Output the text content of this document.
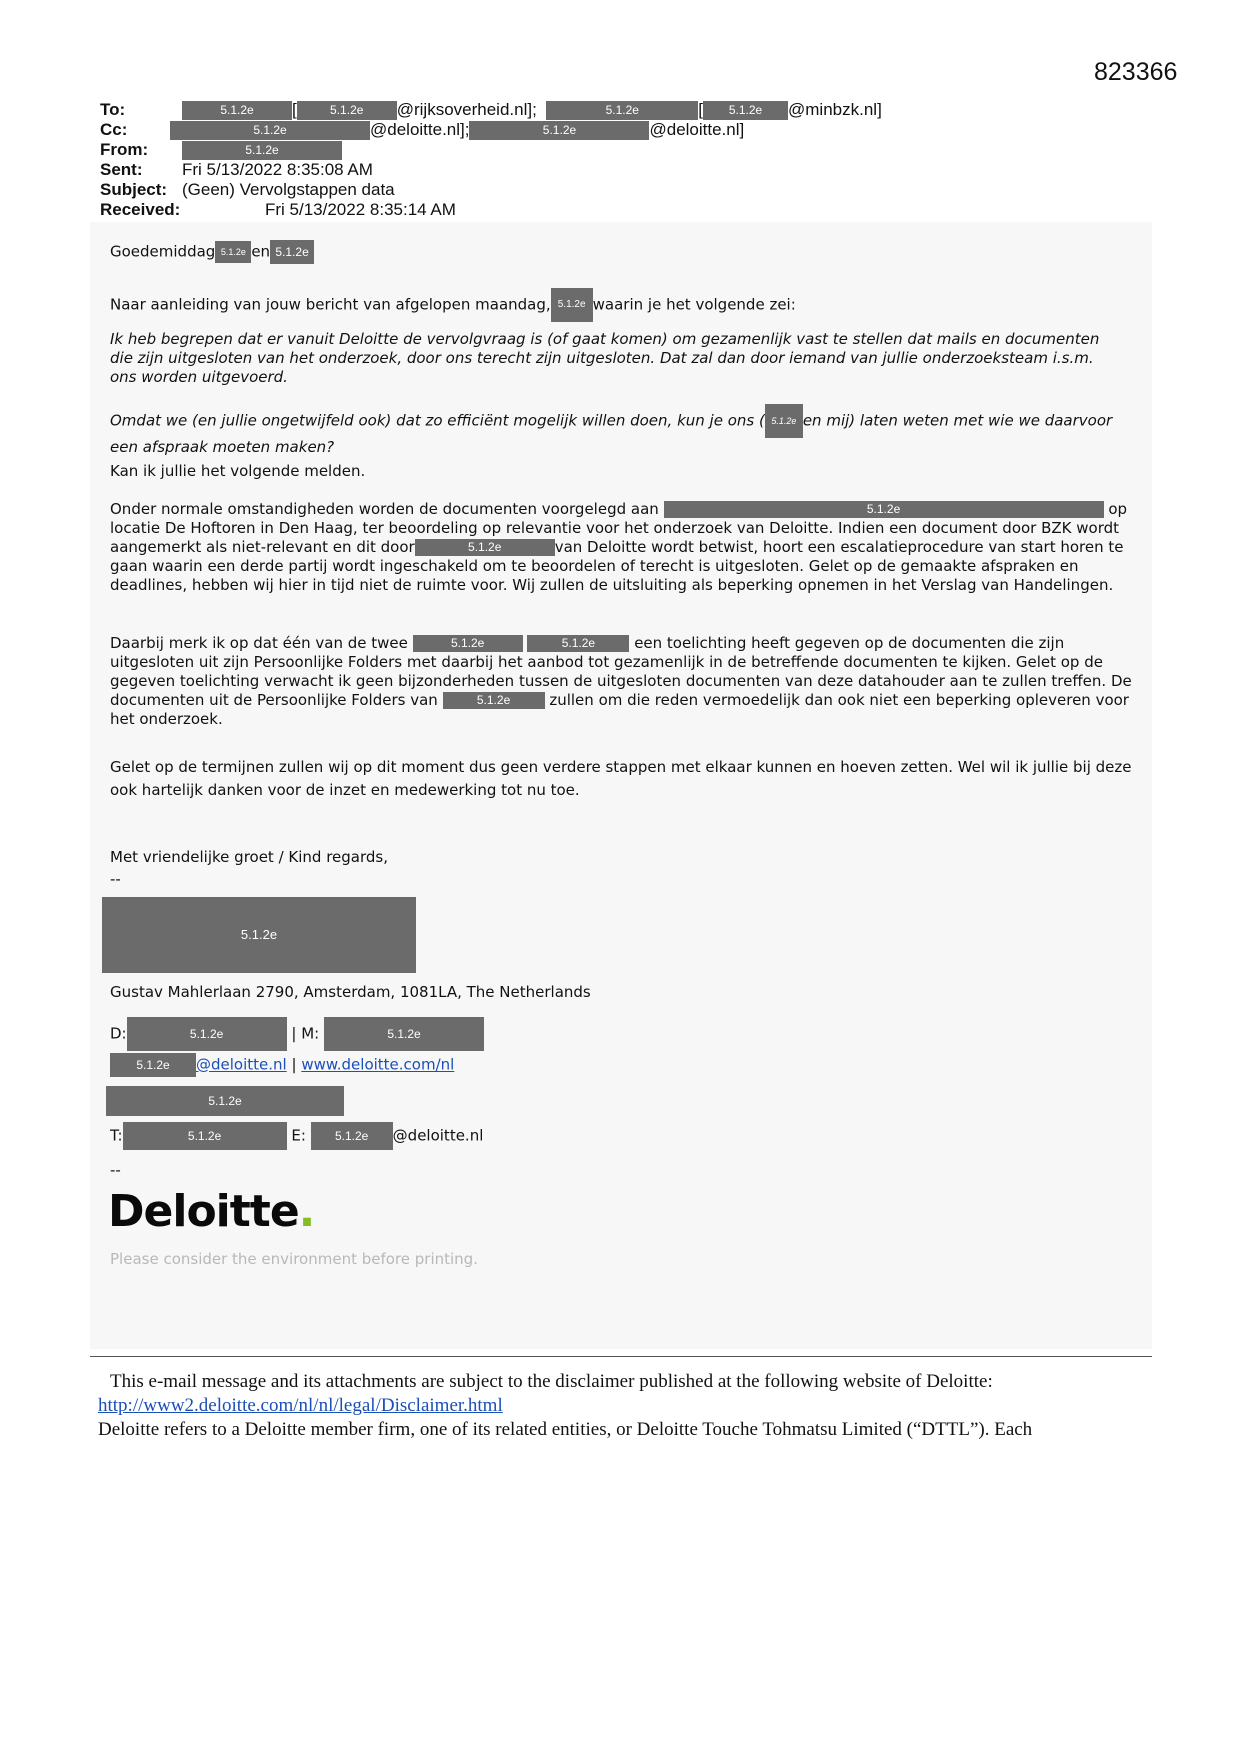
823366
To:	5.1.2e [	5.1.2e @rijksoverheid.nl];	5.1.2e	[ 5.1.2e @minbzk.nl]
Cc:	5.1.2e	@deloitte.nl];	5.1.2e	@deloitte.nl]
From:	5.1.2e
Sent: Fri 5/13/2022 8:35:08 AM
Subject: (Geen) Vervolgstappen data
Received:	Fri 5/13/2022 8:35:14 AM

Goedemiddag 5.1.2e en 5.1.2e

Naar aanleiding van jouw bericht van afgelopen maandag, 5.1.2e waarin je het volgende zei:

Ik heb begrepen dat er vanuit Deloitte de vervolgvraag is (of gaat komen) om gezamenlijk vast te stellen dat mails en documenten die zijn uitgesloten van het onderzoek, door ons terecht zijn uitgesloten. Dat zal dan door iemand van jullie onderzoeksteam i.s.m. ons worden uitgevoerd.

Omdat we (en jullie ongetwijfeld ook) dat zo efficiënt mogelijk willen doen, kun je ons ( 5.1.2e en mij) laten weten met wie we daarvoor een afspraak moeten maken?

Kan ik jullie het volgende melden.

Onder normale omstandigheden worden de documenten voorgelegd aan	5.1.2e	op locatie De Hoftoren in Den Haag, ter beoordeling op relevantie voor het onderzoek van Deloitte. Indien een document door BZK wordt aangemerkt als niet-relevant en dit door	5.1.2e	van Deloitte wordt betwist, hoort een escalatieprocedure van start horen te gaan waarin een derde partij wordt ingeschakeld om te beoordelen of terecht is uitgesloten. Gelet op de gemaakte afspraken en deadlines, hebben wij hier in tijd niet de ruimte voor. Wij zullen de uitsluiting als beperking opnemen in het Verslag van Handelingen.

Daarbij merk ik op dat één van de twee	5.1.2e	5.1.2e	een toelichting heeft gegeven op de documenten die zijn uitgesloten uit zijn Persoonlijke Folders met daarbij het aanbod tot gezamenlijk in de betreffende documenten te kijken. Gelet op de gegeven toelichting verwacht ik geen bijzonderheden tussen de uitgesloten documenten van deze datahouder aan te zullen treffen. De documenten uit de Persoonlijke Folders van	5.1.2e	zullen om die reden vermoedelijk dan ook niet een beperking opleveren voor het onderzoek.

Gelet op de termijnen zullen wij op dit moment dus geen verdere stappen met elkaar kunnen en hoeven zetten. Wel wil ik jullie bij deze ook hartelijk danken voor de inzet en medewerking tot nu toe.

Met vriendelijke groet / Kind regards,

--

5.1.2e
Gustav Mahlerlaan 2790, Amsterdam, 1081LA, The Netherlands
D:	5.1.2e	| M:	5.1.2e
5.1.2e @deloitte.nl | www.deloitte.com/nl
5.1.2e
T:	5.1.2e	E: 5.1.2e @deloitte.nl
--
Deloitte.
Please consider the environment before printing.
This e-mail message and its attachments are subject to the disclaimer published at the following website of Deloitte:
http://www2.deloitte.com/nl/nl/legal/Disclaimer.html
Deloitte refers to a Deloitte member firm, one of its related entities, or Deloitte Touche Tohmatsu Limited (“DTTL”). Each
